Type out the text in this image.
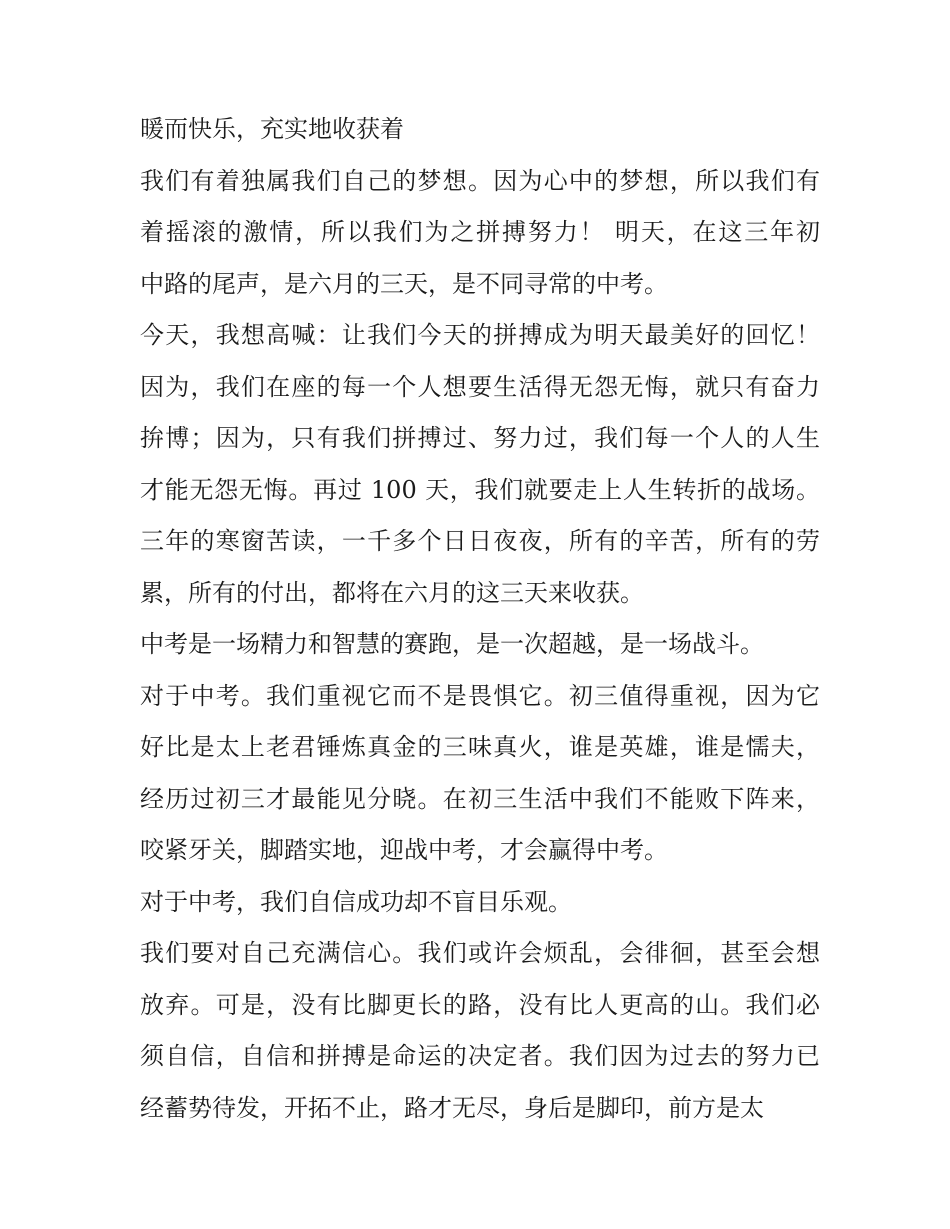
暖而快乐，充实地收获着
我们有着独属我们自己的梦想。因为心中的梦想，所以我们有
着摇滚的激情，所以我们为之拼搏努力！ 明天，在这三年初
中路的尾声，是六月的三天，是不同寻常的中考。
今天，我想高喊：让我们今天的拼搏成为明天最美好的回忆！
因为，我们在座的每一个人想要生活得无怨无悔，就只有奋力
拚博；因为，只有我们拼搏过、努力过，我们每一个人的人生
才能无怨无悔。再过 100 天，我们就要走上人生转折的战场。
三年的寒窗苦读，一千多个日日夜夜，所有的辛苦，所有的劳
累，所有的付出，都将在六月的这三天来收获。
中考是一场精力和智慧的赛跑，是一次超越，是一场战斗。
对于中考。我们重视它而不是畏惧它。初三值得重视，因为它
好比是太上老君锤炼真金的三味真火，谁是英雄，谁是懦夫，
经历过初三才最能见分晓。在初三生活中我们不能败下阵来，
咬紧牙关，脚踏实地，迎战中考，才会赢得中考。
对于中考，我们自信成功却不盲目乐观。
我们要对自己充满信心。我们或许会烦乱，会徘徊，甚至会想
放弃。可是，没有比脚更长的路，没有比人更高的山。我们必
须自信，自信和拼搏是命运的决定者。我们因为过去的努力已
经蓄势待发，开拓不止，路才无尽，身后是脚印，前方是太
